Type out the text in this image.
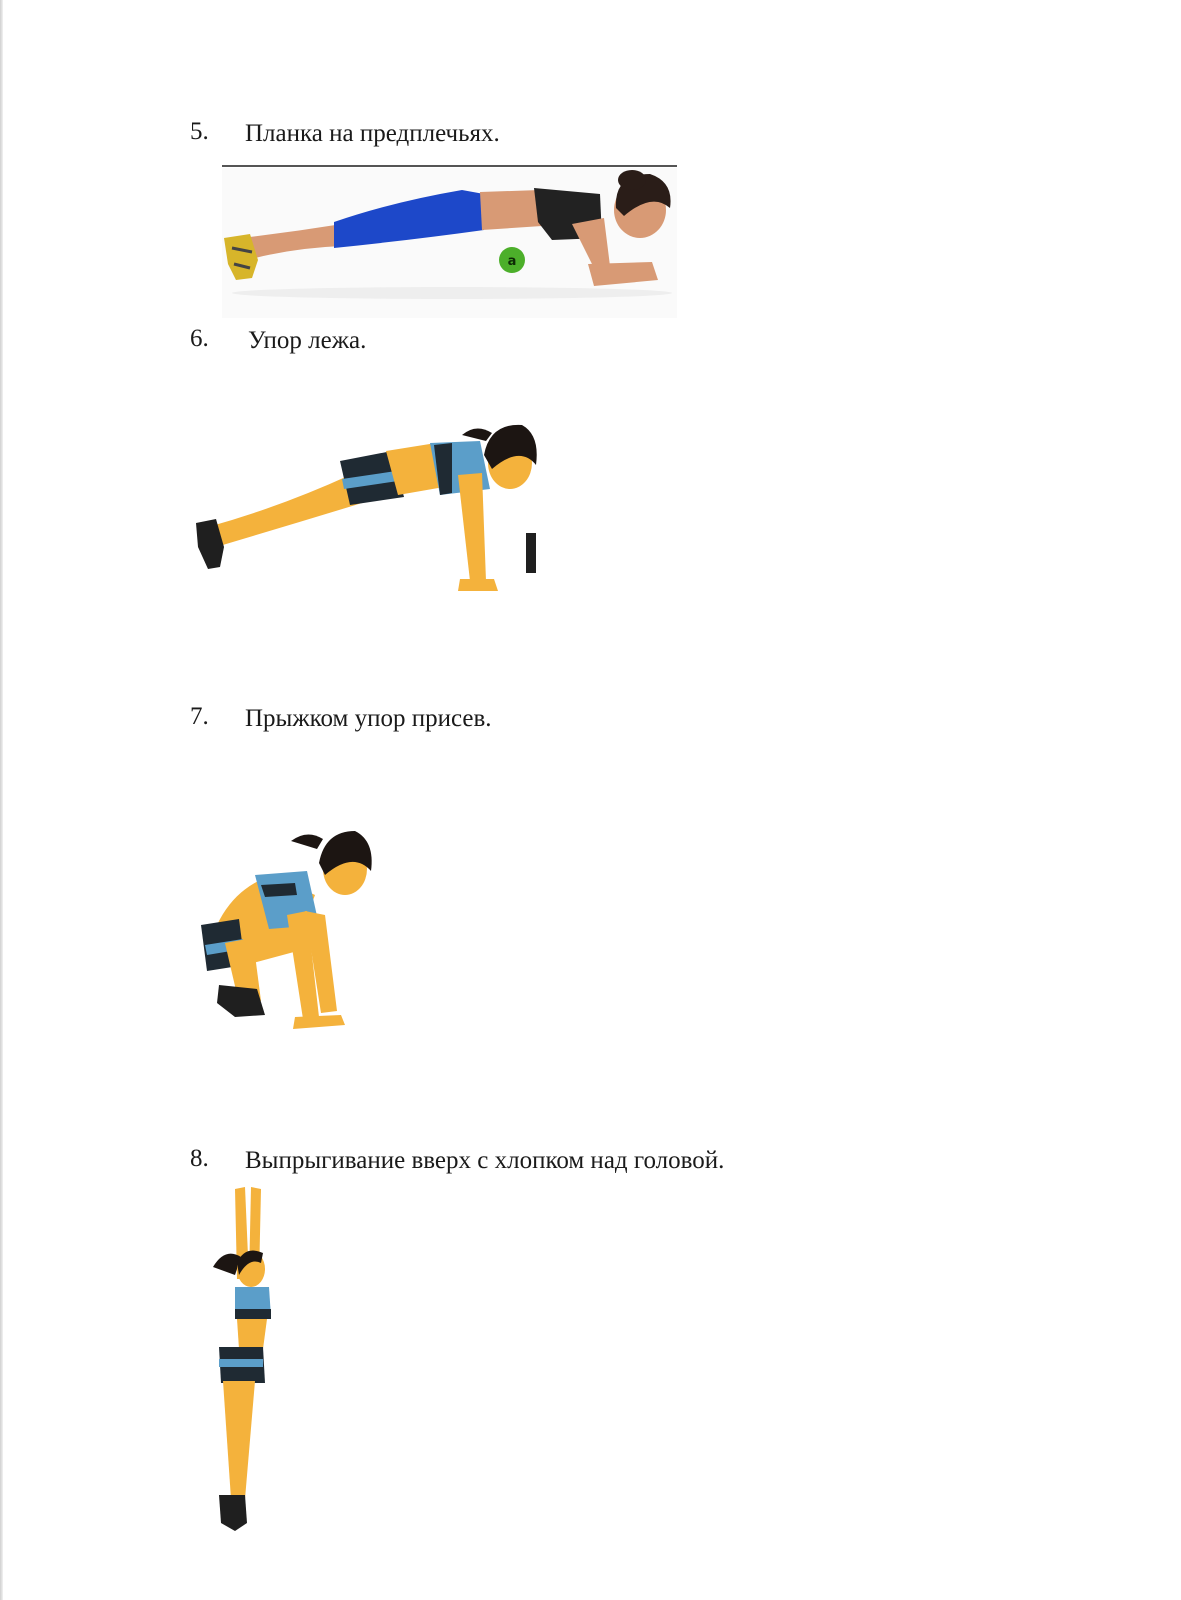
5. Планка на предплечьях.
a
6. Упор лежа.
7. Прыжком упор присев.
8. Выпрыгивание вверх с хлопком над головой.
